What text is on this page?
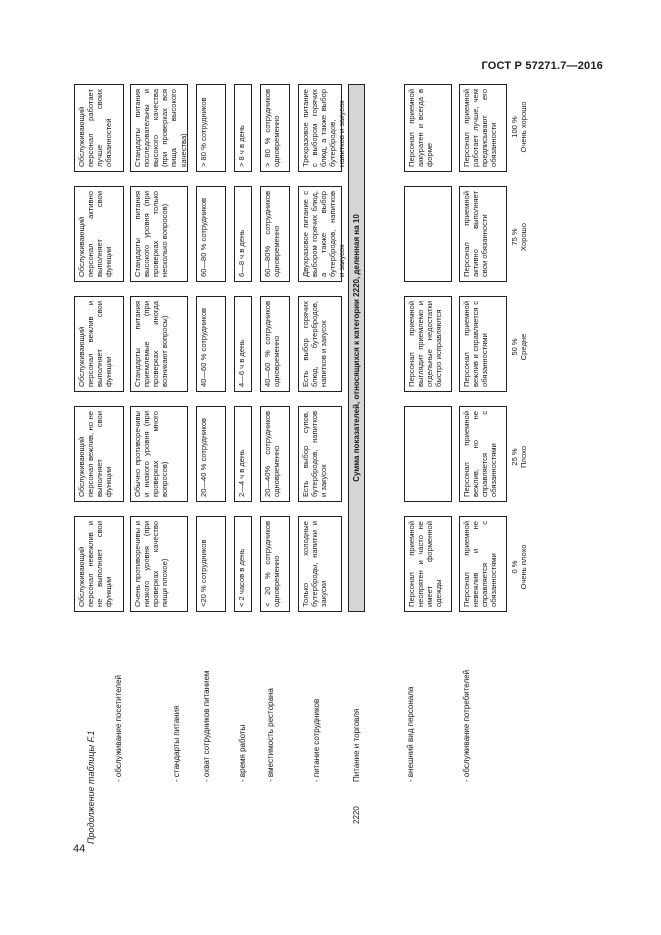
ГОСТ Р 57271.7—2016
44
Продолжение таблицы F.1
0 % Очень плохо
25 % Плохо
50 % Средне
75 % Хорошо
100 % Очень хорошо
- обслуживание потребителей
Персонал приемной невежлив и не справляется с обязанностями
Персонал приемной вежлив, но не справляется с обязанностями
Персонал приемной вежлив и справляется с обязанностями
Персонал приемной активно выполняет свои обязанности
Персонал приемной работает лучше, чем предписывают его обязанности
- внешний вид персонала
Персонал приемной неопрятен и часто не имеет форменной одежды
Персонал приемной выглядит приемлемо и отдельные недостатки быстро исправляются
Персонал приемной аккуратен и всегда в форме
2220
Питание и торговля
Сумма показателей, относящихся к категории 2220, деленная на 10
- питание сотрудников
Только холодные бутерброды, напитки и закуски
Есть выбор супов, бутербродов, напитков и закусок
Есть выбор горячих блюд, бутербродов, напитков и закусок
Двухразовое питание с выбором горячих блюд, а также выбор бутербродов, напитков и закусок
Трехразовое питание с выбором горячих блюд, а также выбор бутербродов, напитков и закусок
- вместимость ресторана
< 20 % сотрудников одновременно
20—40% сотрудников одновременно
40—60 % сотрудников одновременно
60—80% сотрудников одновременно
> 80 % сотрудников одновременно
- время работы
< 2 часов в день
2—4 ч в день
4—6 ч в день
6—8 ч в день
> 8 ч в день
- охват сотрудников питанием
<20 % сотрудников
20—40 % сотрудников
40—60 % сотрудников
60—80 % сотрудников
> 80 % сотрудников
- стандарты питания
Очень противоречивы и низкого уровня (при проверках качество пищи плохое)
Обычно противоречивы и низкого уровня (при проверках много вопросов)
Стандарты питания приемлемые (при проверках иногда возникают вопросы)
Стандарты питания высокого уровня (при проверках только несколько вопросов)
Стандарты питания последовательны и высокого качества (при проверках вся пища высокого качества)
- обслуживание посетителей
Обслуживающий персонал невежлив и не выполняет свои функции
Обслуживающий персонал вежлив, но не выполняет свои функции
Обслуживающий персонал вежлив и выполняет свои функции
Обслуживающий персонал активно выполняет свои функции
Обслуживающий персонал работает лучше своих обязанностей
